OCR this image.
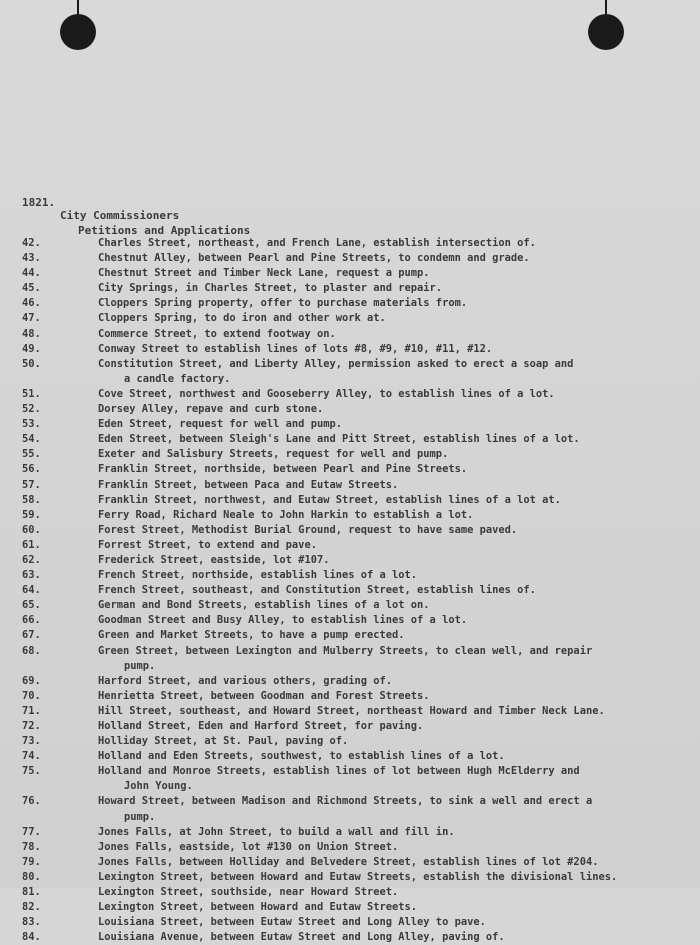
1821.
City Commissioners
Petitions and Applications
42.	Charles Street, northeast, and French Lane, establish intersection of.
43.	Chestnut Alley, between Pearl and Pine Streets, to condemn and grade.
44.	Chestnut Street and Timber Neck Lane, request a pump.
45.	City Springs, in Charles Street, to plaster and repair.
46.	Cloppers Spring property, offer to purchase materials from.
47.	Cloppers Spring, to do iron and other work at.
48.	Commerce Street, to extend footway on.
49.	Conway Street to establish lines of lots #8, #9, #10, #11, #12.
50.	Constitution Street, and Liberty Alley, permission asked to erect a soap and
a candle factory.
51.	Cove Street, northwest and Gooseberry Alley, to establish lines of a lot.
52.	Dorsey Alley, repave and curb stone.
53.	Eden Street, request for well and pump.
54.	Eden Street, between Sleigh's Lane and Pitt Street, establish lines of a lot.
55.	Exeter and Salisbury Streets, request for well and pump.
56.	Franklin Street, northside, between Pearl and Pine Streets.
57.	Franklin Street, between Paca and Eutaw Streets.
58.	Franklin Street, northwest, and Eutaw Street, establish lines of a lot at.
59.	Ferry Road, Richard Neale to John Harkin to establish a lot.
60.	Forest Street, Methodist Burial Ground, request to have same paved.
61.	Forrest Street, to extend and pave.
62.	Frederick Street, eastside, lot #107.
63.	French Street, northside, establish lines of a lot.
64.	French Street, southeast, and Constitution Street, establish lines of.
65.	German and Bond Streets, establish lines of a lot on.
66.	Goodman Street and Busy Alley, to establish lines of a lot.
67.	Green and Market Streets, to have a pump erected.
68.	Green Street, between Lexington and Mulberry Streets, to clean well, and repair
pump.
69.	Harford Street, and various others, grading of.
70.	Henrietta Street, between Goodman and Forest Streets.
71.	Hill Street, southeast, and Howard Street, northeast Howard and Timber Neck Lane.
72.	Holland Street, Eden and Harford Street, for paving.
73.	Holliday Street, at St. Paul, paving of.
74.	Holland and Eden Streets, southwest, to establish lines of a lot.
75.	Holland and Monroe Streets, establish lines of lot between Hugh McElderry and
John Young.
76.	Howard Street, between Madison and Richmond Streets, to sink a well and erect a
pump.
77.	Jones Falls, at John Street, to build a wall and fill in.
78.	Jones Falls, eastside, lot #130 on Union Street.
79.	Jones Falls, between Holliday and Belvedere Street, establish lines of lot #204.
80.	Lexington Street, between Howard and Eutaw Streets, establish the divisional lines.
81.	Lexington Street, southside, near Howard Street.
82.	Lexington Street, between Howard and Eutaw Streets.
83.	Louisiana Street, between Eutaw Street and Long Alley to pave.
84.	Louisiana Avenue, between Eutaw Street and Long Alley, paving of.
